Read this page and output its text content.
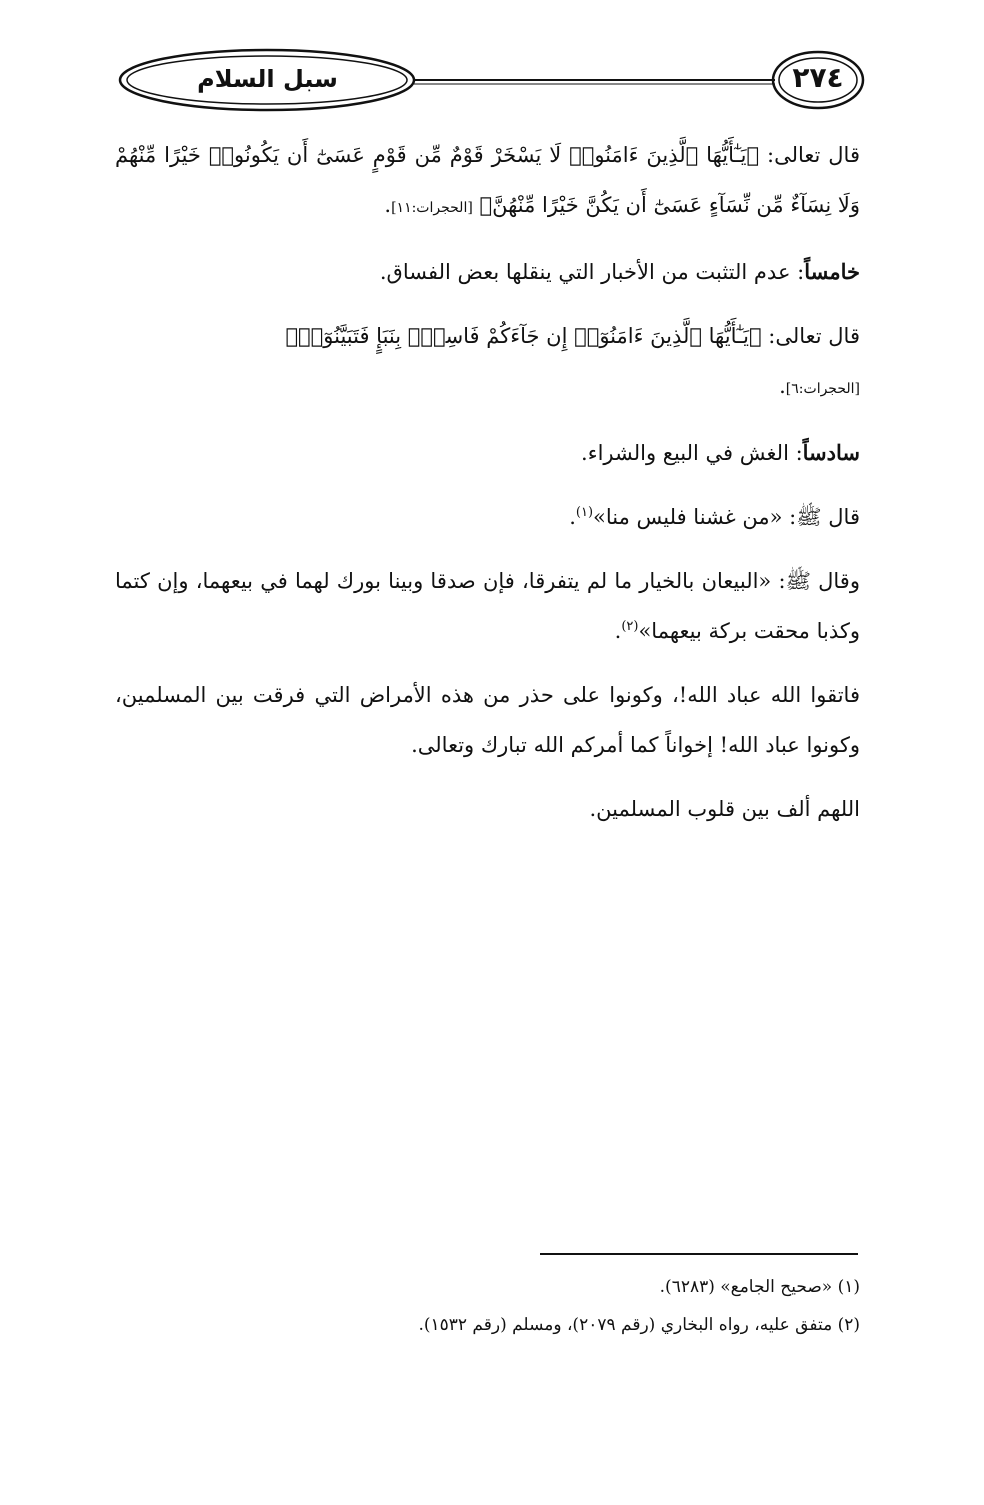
سبل السلام	٢٧٤

قال تعالى: ﴿يَـٰٓأَيُّهَا ٱلَّذِينَ ءَامَنُوا۟ لَا يَسْخَرْ قَوْمٌ مِّن قَوْمٍ عَسَىٰٓ أَن يَكُونُوا۟ خَيْرًا مِّنْهُمْ وَلَا نِسَآءٌ مِّن نِّسَآءٍ عَسَىٰٓ أَن يَكُنَّ خَيْرًا مِّنْهُنَّ﴾ [الحجرات:١١].

خامساً: عدم التثبت من الأخبار التي ينقلها بعض الفساق.

قال تعالى: ﴿يَـٰٓأَيُّهَا ٱلَّذِينَ ءَامَنُوٓا۟ إِن جَآءَكُمْ فَاسِقٌۢ بِنَبَإٍ فَتَبَيَّنُوٓا۟﴾
[الحجرات:٦].

سادساً: الغش في البيع والشراء.

قال ﷺ: «من غشنا فليس منا»$^{(١)}$.

وقال ﷺ: «البيعان بالخيار ما لم يتفرقا، فإن صدقا وبينا بورك لهما في بيعهما، وإن كتما وكذبا محقت بركة بيعهما»$^{(٢)}$.

فاتقوا الله عباد الله!، وكونوا على حذر من هذه الأمراض التي فرقت بين المسلمين، وكونوا عباد الله! إخواناً كما أمركم الله تبارك وتعالى.

اللهم ألف بين قلوب المسلمين.

(١) «صحيح الجامع» (٦٢٨٣).

(٢) متفق عليه، رواه البخاري (رقم ٢٠٧٩)، ومسلم (رقم ١٥٣٢).
